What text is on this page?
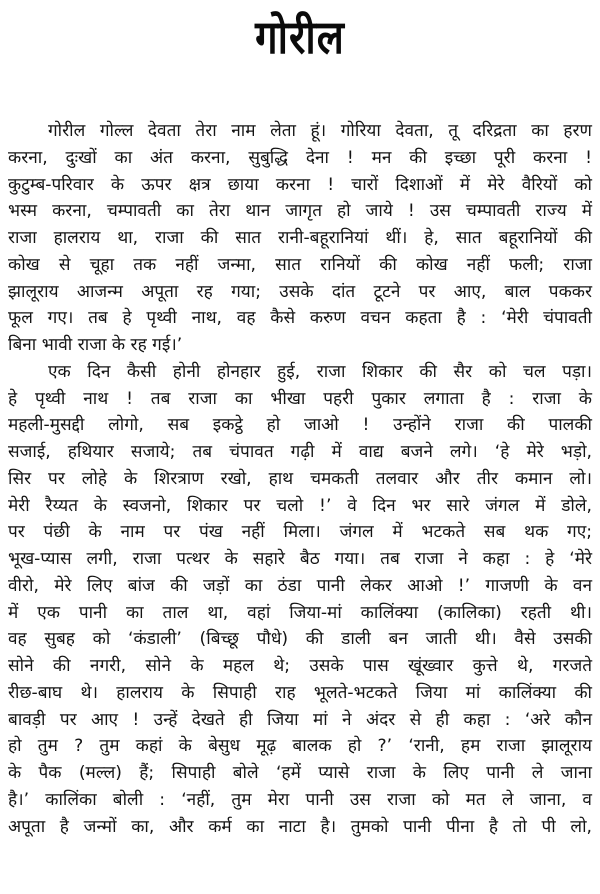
गोरील
गोरील गोल्ल देवता तेरा नाम लेता हूं। गोरिया देवता, तू दरिद्रता का हरण
करना, दुःखों का अंत करना, सुबुद्धि देना ! मन की इच्छा पूरी करना !
कुटुम्ब-परिवार के ऊपर क्षत्र छाया करना ! चारों दिशाओं में मेरे वैरियों को
भस्म करना, चम्पावती का तेरा थान जागृत हो जाये ! उस चम्पावती राज्य में
राजा हालराय था, राजा की सात रानी-बहूरानियां थीं। हे, सात बहूरानियों की
कोख से चूहा तक नहीं जन्मा, सात रानियों की कोख नहीं फली; राजा
झालूराय आजन्म अपूता रह गया; उसके दांत टूटने पर आए, बाल पककर
फूल गए। तब हे पृथ्वी नाथ, वह कैसे करुण वचन कहता है : ‘मेरी चंपावती
बिना भावी राजा के रह गई।’
एक दिन कैसी होनी होनहार हुई, राजा शिकार की सैर को चल पड़ा।
हे पृथ्वी नाथ ! तब राजा का भीखा पहरी पुकार लगाता है : राजा के
महली-मुसद्दी लोगो, सब इकट्ठे हो जाओ ! उन्होंने राजा की पालकी
सजाई, हथियार सजाये; तब चंपावत गढ़ी में वाद्य बजने लगे। ‘हे मेरे भड़ो,
सिर पर लोहे के शिरत्राण रखो, हाथ चमकती तलवार और तीर कमान लो।
मेरी रैय्यत के स्वजनो, शिकार पर चलो !’ वे दिन भर सारे जंगल में डोले,
पर पंछी के नाम पर पंख नहीं मिला। जंगल में भटकते सब थक गए;
भूख-प्यास लगी, राजा पत्थर के सहारे बैठ गया। तब राजा ने कहा : हे ‘मेरे
वीरो, मेरे लिए बांज की जड़ों का ठंडा पानी लेकर आओ !’ गाजणी के वन
में एक पानी का ताल था, वहां जिया-मां कालिंक्या (कालिका) रहती थी।
वह सुबह को ‘कंडाली’ (बिच्छू पौधे) की डाली बन जाती थी। वैसे उसकी
सोने की नगरी, सोने के महल थे; उसके पास खूंख्वार कुत्ते थे, गरजते
रीछ-बाघ थे। हालराय के सिपाही राह भूलते-भटकते जिया मां कालिंक्या की
बावड़ी पर आए ! उन्हें देखते ही जिया मां ने अंदर से ही कहा : ‘अरे कौन
हो तुम ? तुम कहां के बेसुध मूढ़ बालक हो ?’ ‘रानी, हम राजा झालूराय
के पैक (मल्ल) हैं; सिपाही बोले ‘हमें प्यासे राजा के लिए पानी ले जाना
है।’ कालिंका बोली : ‘नहीं, तुम मेरा पानी उस राजा को मत ले जाना, व
अपूता है जन्मों का, और कर्म का नाटा है। तुमको पानी पीना है तो पी लो,
